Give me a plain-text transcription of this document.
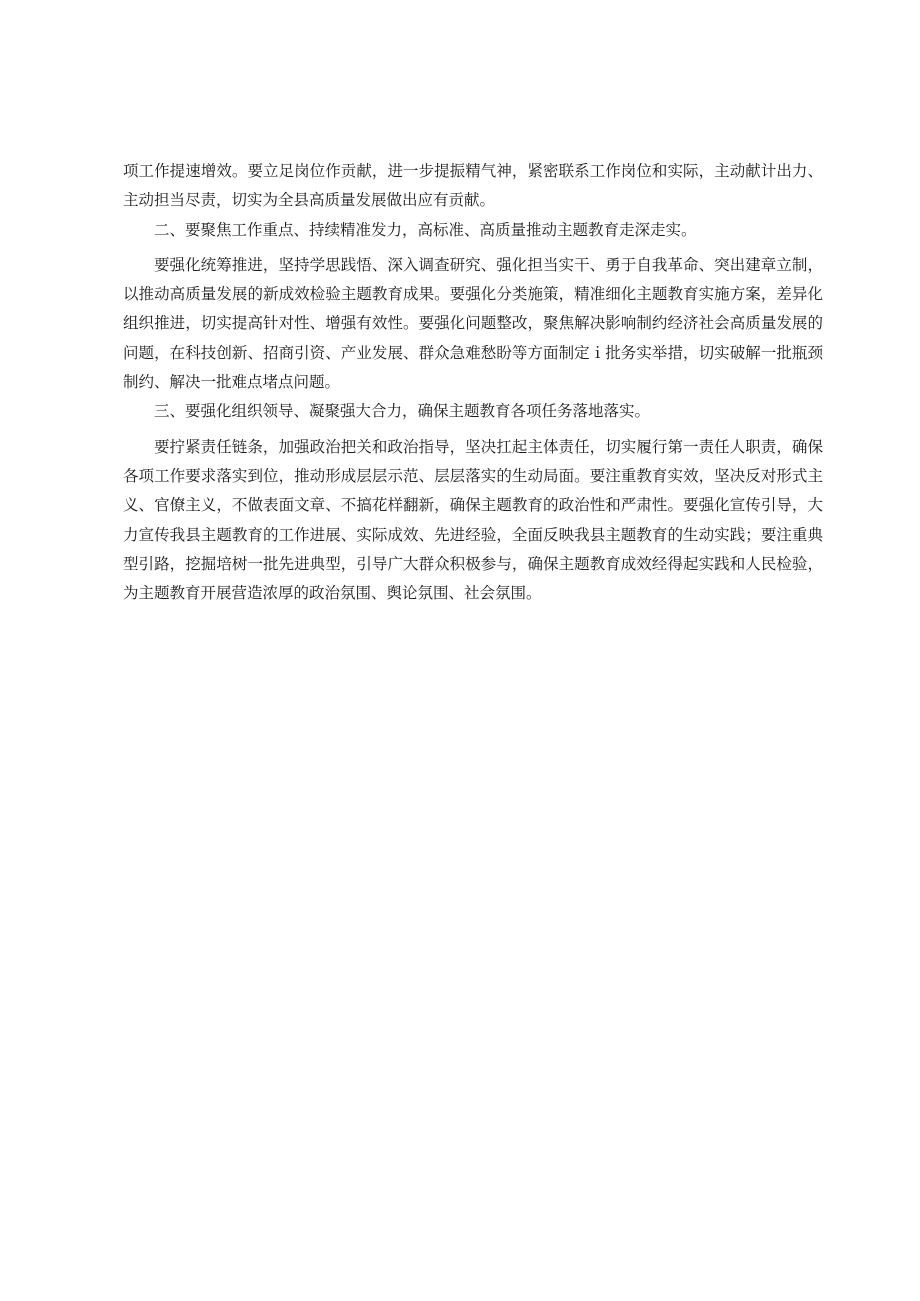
项工作提速增效。要立足岗位作贡献，进一步提振精气神，紧密联系工作岗位和实际，主动献计出力、主动担当尽责，切实为全县高质量发展做出应有贡献。

二、要聚焦工作重点、持续精准发力，高标准、高质量推动主题教育走深走实。

要强化统筹推进，坚持学思践悟、深入调查研究、强化担当实干、勇于自我革命、突出建章立制，以推动高质量发展的新成效检验主题教育成果。要强化分类施策，精准细化主题教育实施方案，差异化组织推进，切实提高针对性、增强有效性。要强化问题整改，聚焦解决影响制约经济社会高质量发展的问题，在科技创新、招商引资、产业发展、群众急难愁盼等方面制定ｉ批务实举措，切实破解一批瓶颈制约、解决一批难点堵点问题。

三、要强化组织领导、凝聚强大合力，确保主题教育各项任务落地落实。

要拧紧责任链条，加强政治把关和政治指导，坚决扛起主体责任，切实履行第一责任人职责，确保各项工作要求落实到位，推动形成层层示范、层层落实的生动局面。要注重教育实效，坚决反对形式主义、官僚主义，不做表面文章、不搞花样翻新，确保主题教育的政治性和严肃性。要强化宣传引导，大力宣传我县主题教育的工作进展、实际成效、先进经验，全面反映我县主题教育的生动实践；要注重典型引路，挖掘培树一批先进典型，引导广大群众积极参与，确保主题教育成效经得起实践和人民检验，为主题教育开展营造浓厚的政治氛围、舆论氛围、社会氛围。
